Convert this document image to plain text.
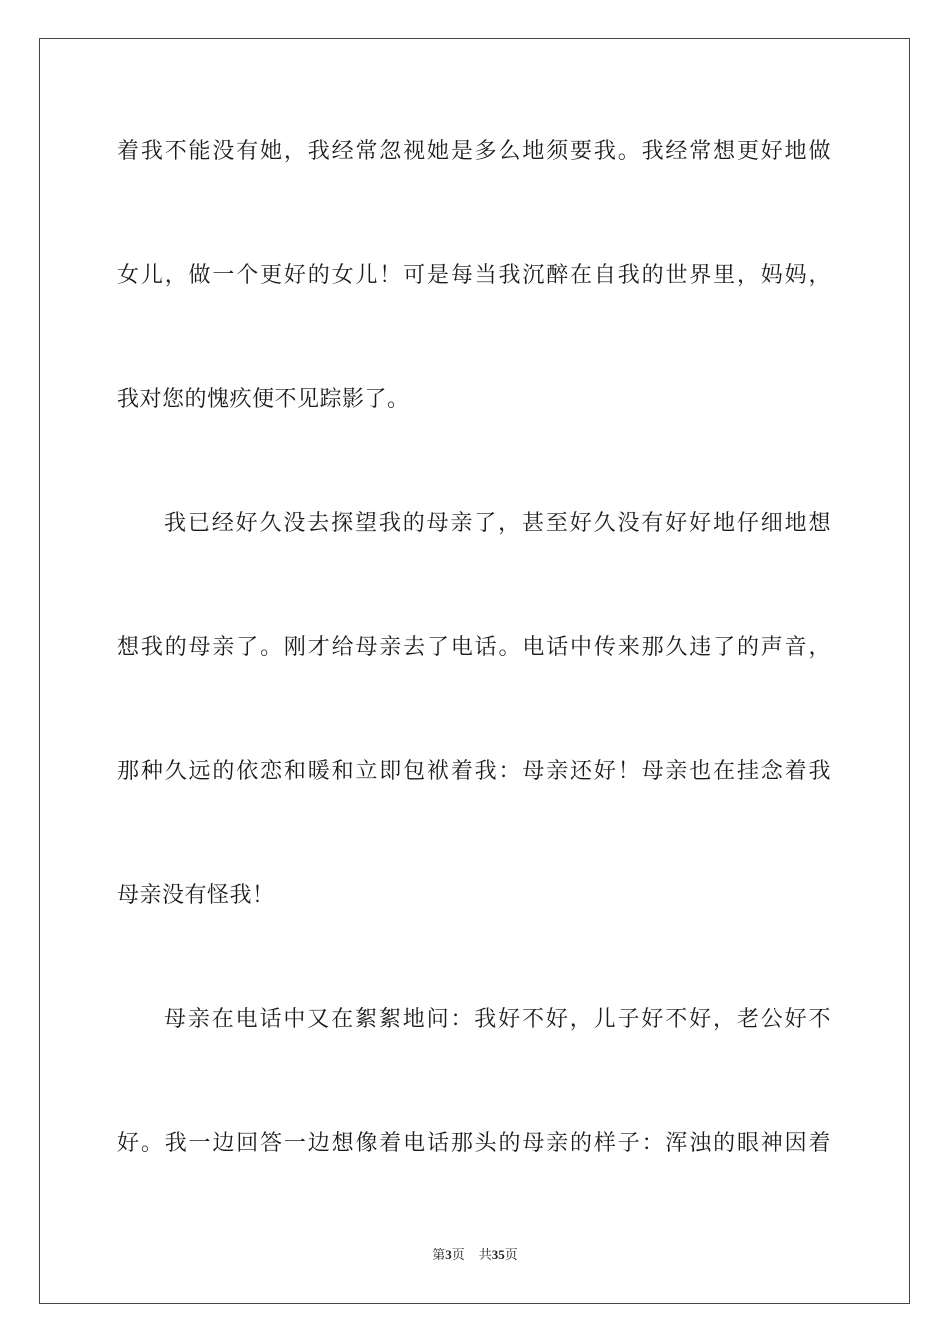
着我不能没有她，我经常忽视她是多么地须要我。我经常想更好地做
女儿，做一个更好的女儿！可是每当我沉醉在自我的世界里，妈妈，
我对您的愧疚便不见踪影了。
我已经好久没去探望我的母亲了，甚至好久没有好好地仔细地想
想我的母亲了。刚才给母亲去了电话。电话中传来那久违了的声音，
那种久远的依恋和暖和立即包袱着我：母亲还好！母亲也在挂念着我
母亲没有怪我！
母亲在电话中又在絮絮地问：我好不好，儿子好不好，老公好不
好。我一边回答一边想像着电话那头的母亲的样子：浑浊的眼神因着
第3页 共35页
